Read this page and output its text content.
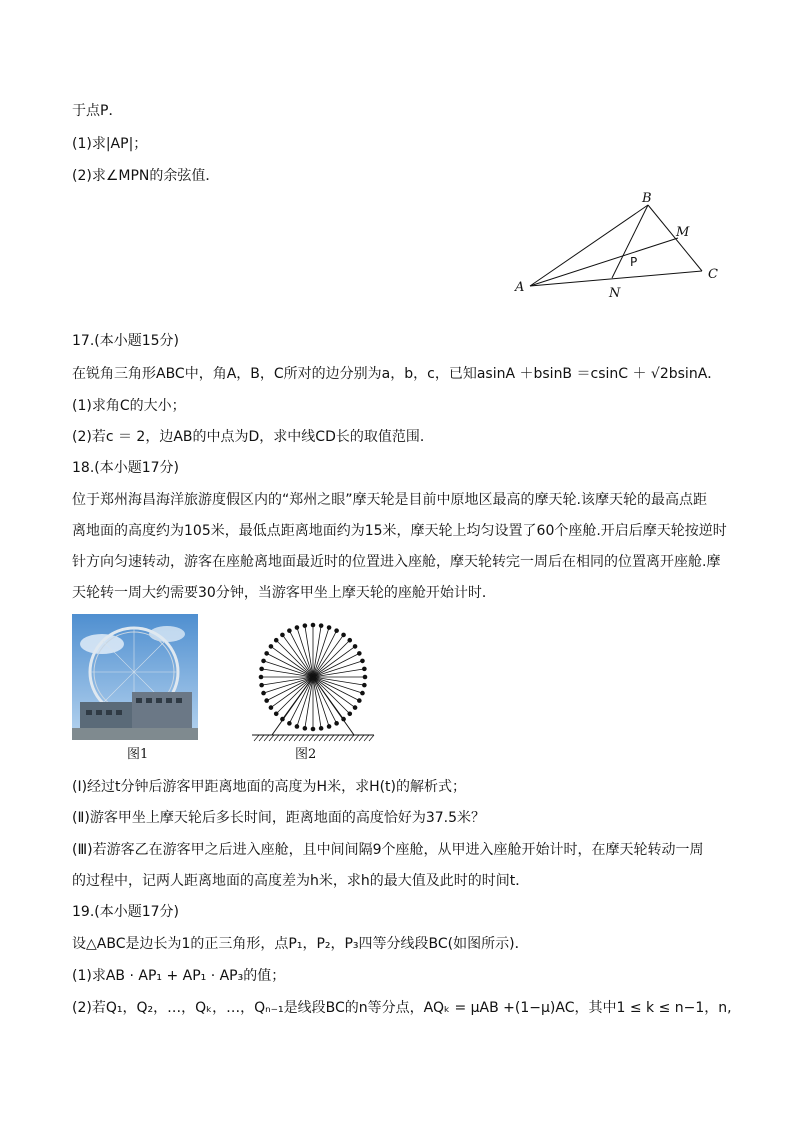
于点P．
(1)求|AP|；
(2)求∠MPN的余弦值．
B
M
C
A	N
P
17.(本小题15分)
在锐角三角形ABC中，角A，B，C所对的边分别为a，b，c，已知asinA ＋bsinB ＝csinC ＋ √2bsinA．
(1)求角C的大小；
(2)若c ＝ 2，边AB的中点为D，求中线CD长的取值范围．
18.(本小题17分)
位于郑州海昌海洋旅游度假区内的“郑州之眼”摩天轮是目前中原地区最高的摩天轮.该摩天轮的最高点距
离地面的高度约为105米，最低点距离地面约为15米，摩天轮上均匀设置了60个座舱.开启后摩天轮按逆时
针方向匀速转动，游客在座舱离地面最近时的位置进入座舱，摩天轮转完一周后在相同的位置离开座舱.摩
天轮转一周大约需要30分钟，当游客甲坐上摩天轮的座舱开始计时．
图1	图2
(Ⅰ)经过t分钟后游客甲距离地面的高度为H米，求H(t)的解析式；
(Ⅱ)游客甲坐上摩天轮后多长时间，距离地面的高度恰好为37.5米？
(Ⅲ)若游客乙在游客甲之后进入座舱，且中间间隔9个座舱，从甲进入座舱开始计时，在摩天轮转动一周
的过程中，记两人距离地面的高度差为h米，求h的最大值及此时的时间t．
19.(本小题17分)
设△ABC是边长为1的正三角形，点P₁，P₂，P₃四等分线段BC(如图所示)．
(1)求AB · AP₁ + AP₁ · AP₃的值；
(2)若Q₁，Q₂，…，Qₖ，…，Qₙ₋₁是线段BC的n等分点，AQₖ = μAB +(1−μ)AC，其中1 ≤ k ≤ n−1，n,
